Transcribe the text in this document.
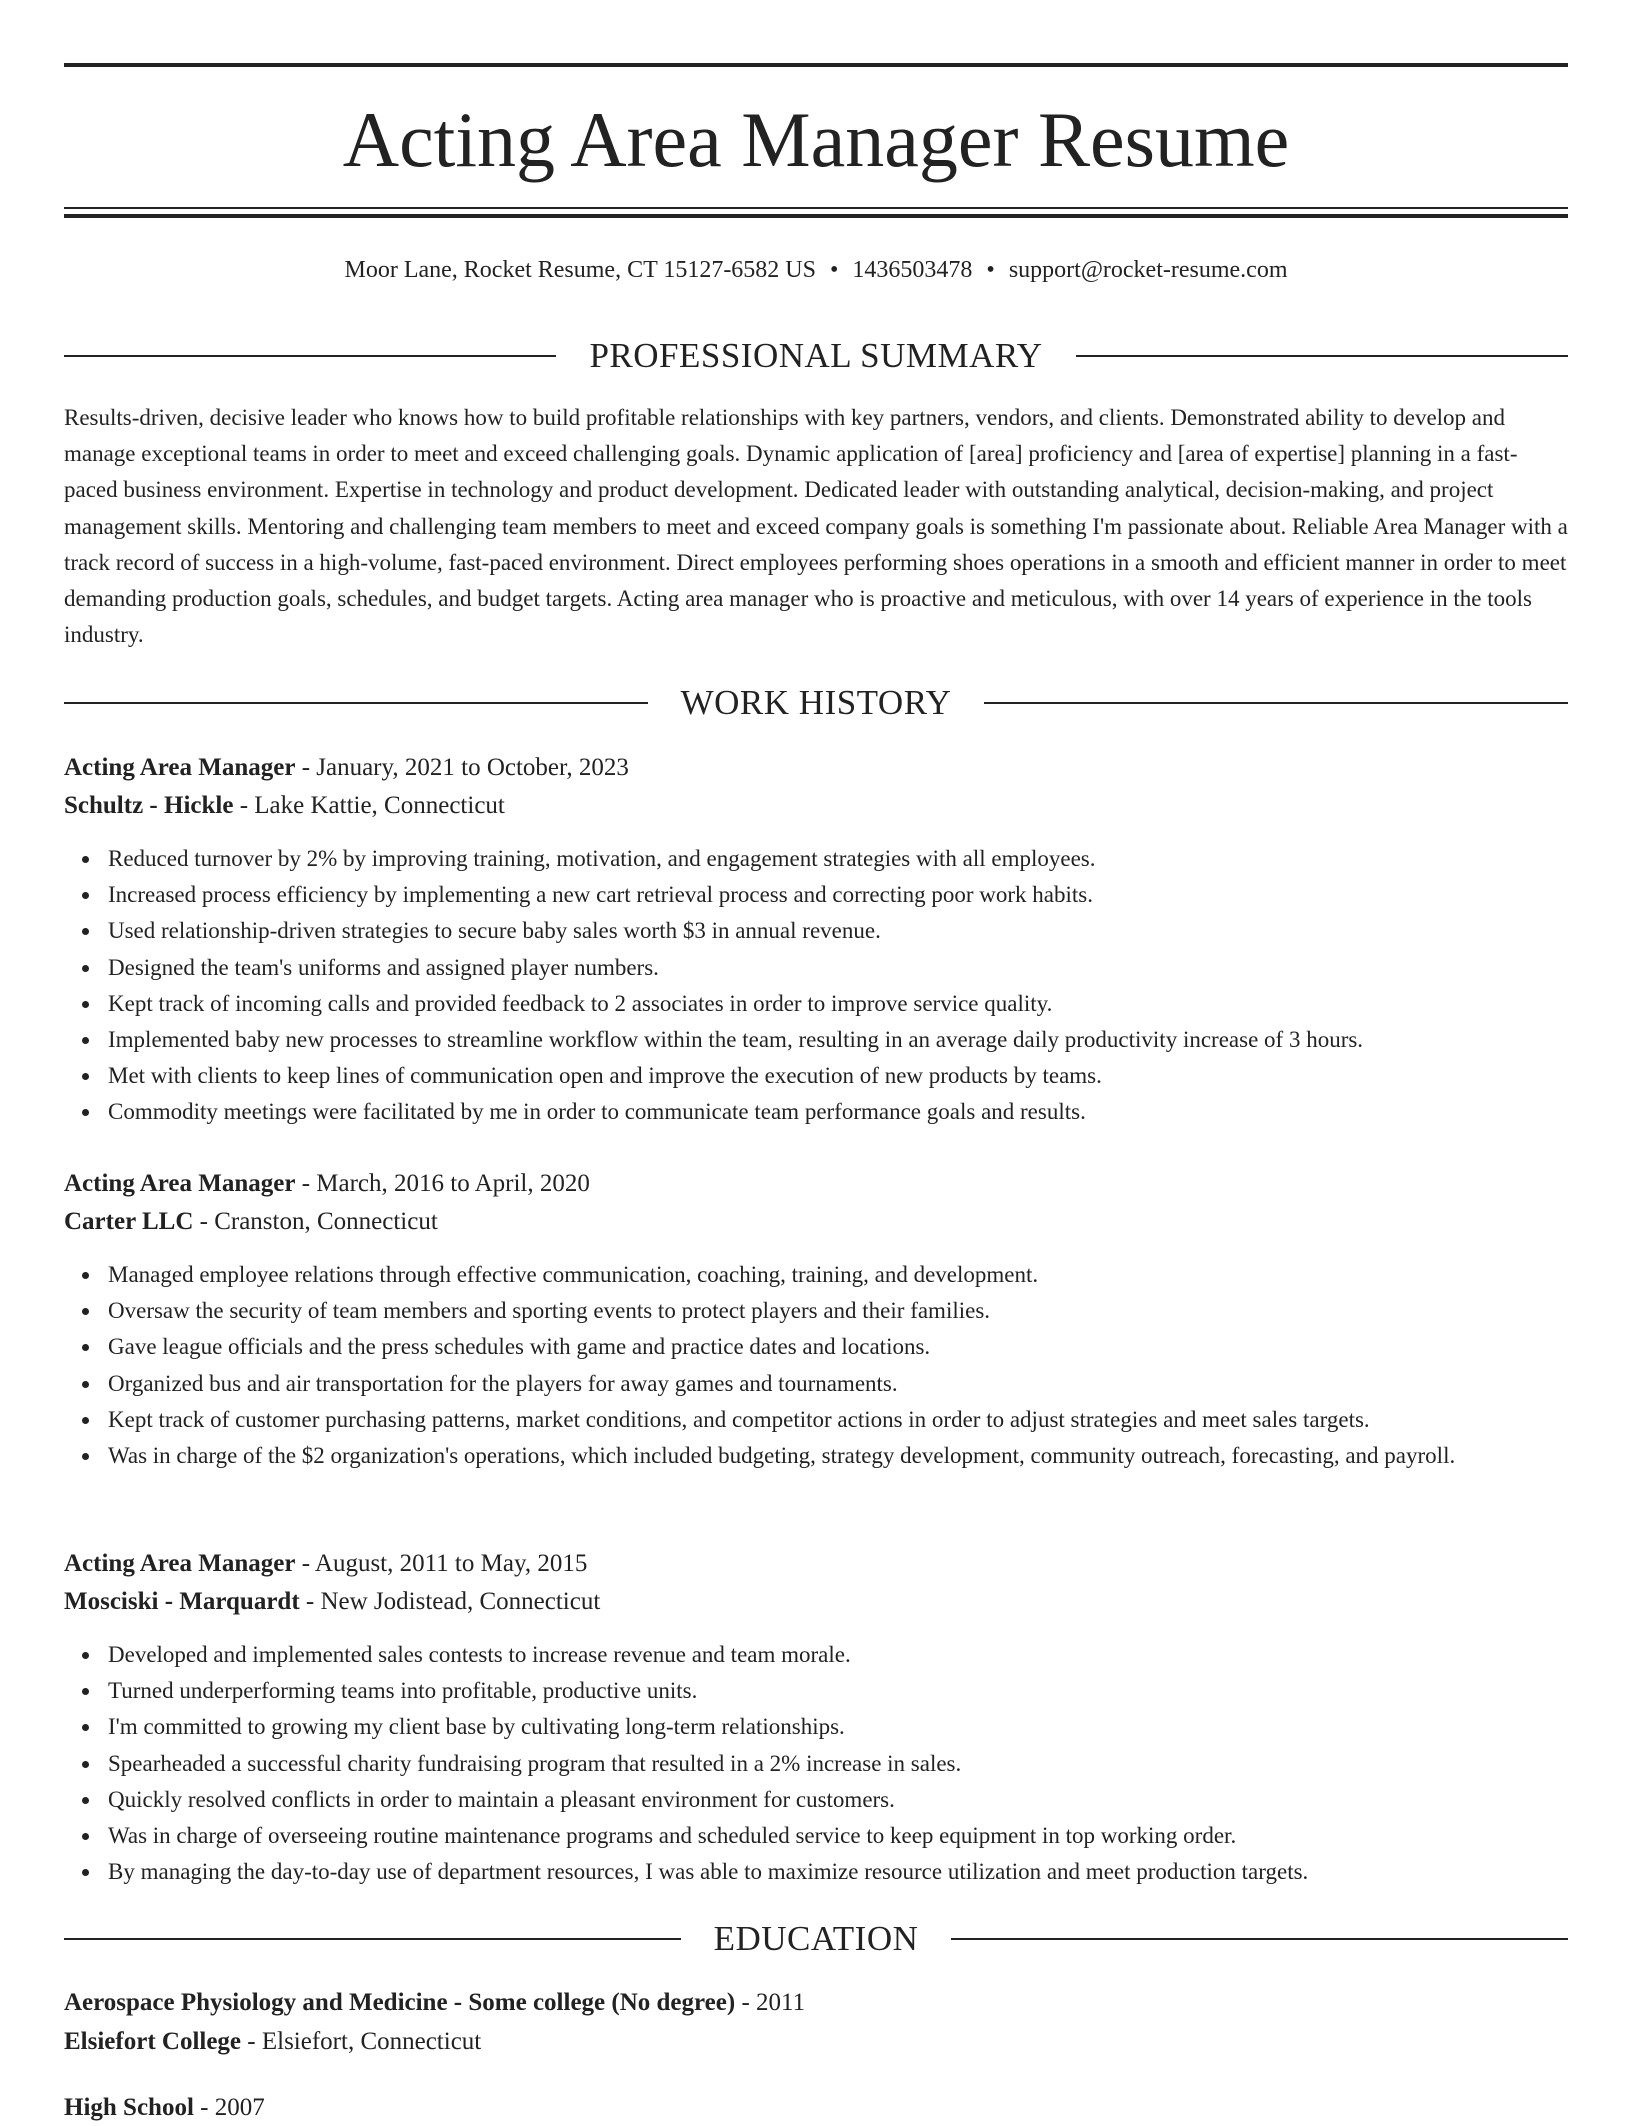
Acting Area Manager Resume
Moor Lane, Rocket Resume, CT 15127-6582 US • 1436503478 • support@rocket-resume.com
PROFESSIONAL SUMMARY

Results-driven, decisive leader who knows how to build profitable relationships with key partners, vendors, and clients. Demonstrated ability to develop and manage exceptional teams in order to meet and exceed challenging goals. Dynamic application of [area] proficiency and [area of expertise] planning in a fast-paced business environment. Expertise in technology and product development. Dedicated leader with outstanding analytical, decision-making, and project management skills. Mentoring and challenging team members to meet and exceed company goals is something I'm passionate about. Reliable Area Manager with a track record of success in a high-volume, fast-paced environment. Direct employees performing shoes operations in a smooth and efficient manner in order to meet demanding production goals, schedules, and budget targets. Acting area manager who is proactive and meticulous, with over 14 years of experience in the tools industry.

WORK HISTORY
Acting Area Manager - January, 2021 to October, 2023
Schultz - Hickle - Lake Kattie, Connecticut
Reduced turnover by 2% by improving training, motivation, and engagement strategies with all employees.
Increased process efficiency by implementing a new cart retrieval process and correcting poor work habits.
Used relationship-driven strategies to secure baby sales worth $3 in annual revenue.
Designed the team's uniforms and assigned player numbers.
Kept track of incoming calls and provided feedback to 2 associates in order to improve service quality.
Implemented baby new processes to streamline workflow within the team, resulting in an average daily productivity increase of 3 hours.
Met with clients to keep lines of communication open and improve the execution of new products by teams.
Commodity meetings were facilitated by me in order to communicate team performance goals and results.
Acting Area Manager - March, 2016 to April, 2020
Carter LLC - Cranston, Connecticut
Managed employee relations through effective communication, coaching, training, and development.
Oversaw the security of team members and sporting events to protect players and their families.
Gave league officials and the press schedules with game and practice dates and locations.
Organized bus and air transportation for the players for away games and tournaments.
Kept track of customer purchasing patterns, market conditions, and competitor actions in order to adjust strategies and meet sales targets.
Was in charge of the $2 organization's operations, which included budgeting, strategy development, community outreach, forecasting, and payroll.
Acting Area Manager - August, 2011 to May, 2015
Mosciski - Marquardt - New Jodistead, Connecticut
Developed and implemented sales contests to increase revenue and team morale.
Turned underperforming teams into profitable, productive units.
I'm committed to growing my client base by cultivating long-term relationships.
Spearheaded a successful charity fundraising program that resulted in a 2% increase in sales.
Quickly resolved conflicts in order to maintain a pleasant environment for customers.
Was in charge of overseeing routine maintenance programs and scheduled service to keep equipment in top working order.
By managing the day-to-day use of department resources, I was able to maximize resource utilization and meet production targets.
EDUCATION
Aerospace Physiology and Medicine - Some college (No degree) - 2011
Elsiefort College - Elsiefort, Connecticut
High School - 2007
